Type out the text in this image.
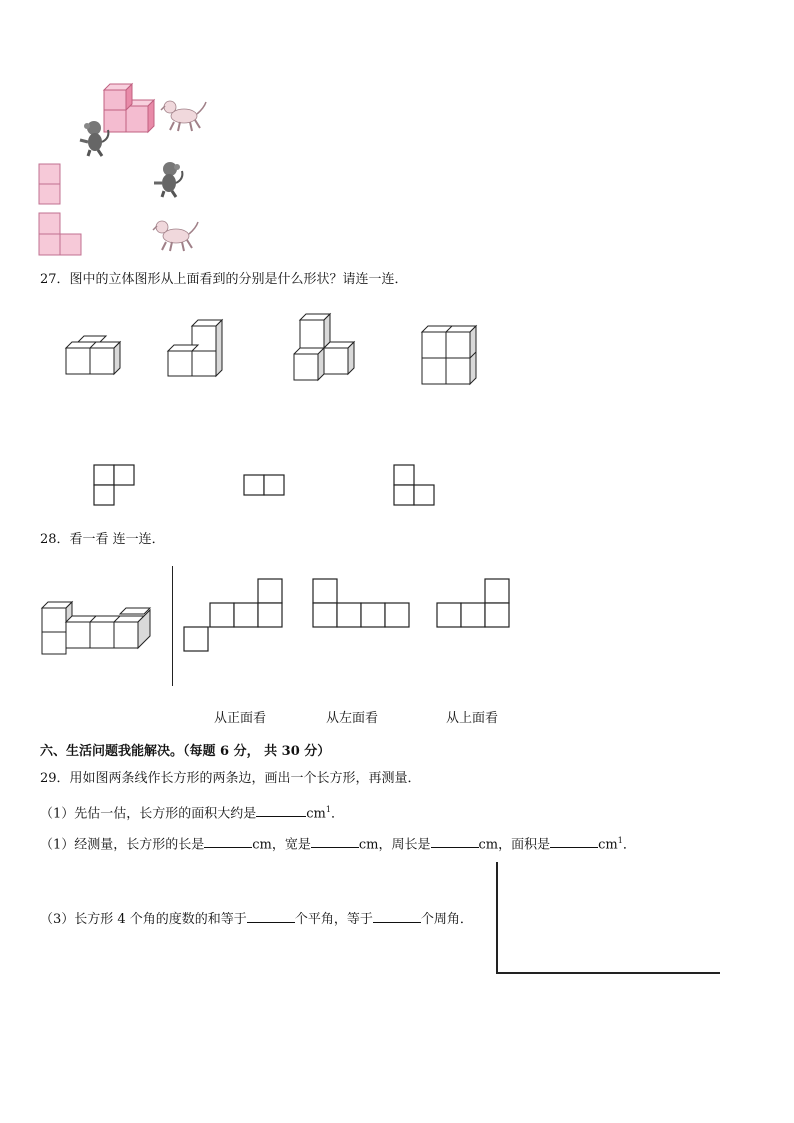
27．图中的立体图形从上面看到的分别是什么形状？请连一连．
28．看一看 连一连．
从正面看	从左面看	从上面看
六、生活问题我能解决。（每题 6 分， 共 30 分）
29．用如图两条线作长方形的两条边，画出一个长方形，再测量．
（1）先估一估，长方形的面积大约是	$cm^1$．
（1）经测量，长方形的长是	cm，宽是	cm，周长是	cm，面积是	$cm^1$．
（3）长方形 4 个角的度数的和等于	个平角，等于	个周角．
